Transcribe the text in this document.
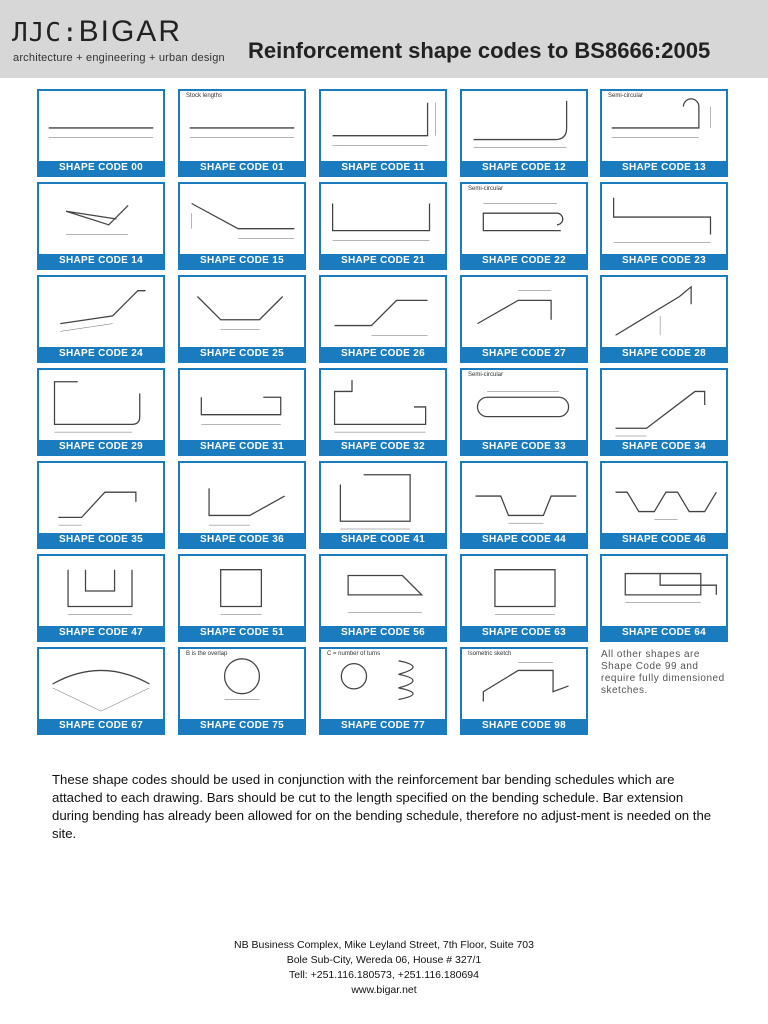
ЛJC:BIGAR
architecture + engineering + urban design Reinforcement shape codes to BS8666:2005
SHAPE CODE 00
Stock lengths
SHAPE CODE 01	SHAPE CODE 11	SHAPE CODE 12
Semi-circular
SHAPE CODE 13
SHAPE CODE 14	SHAPE CODE 15	SHAPE CODE 21
Semi-circular
SHAPE CODE 22	SHAPE CODE 23
SHAPE CODE 24	SHAPE CODE 25	SHAPE CODE 26	SHAPE CODE 27	SHAPE CODE 28
SHAPE CODE 29	SHAPE CODE 31	SHAPE CODE 32
Semi-circular
SHAPE CODE 33	SHAPE CODE 34
SHAPE CODE 35	SHAPE CODE 36	SHAPE CODE 41	SHAPE CODE 44	SHAPE CODE 46
SHAPE CODE 47	SHAPE CODE 51	SHAPE CODE 56	SHAPE CODE 63	SHAPE CODE 64
SHAPE CODE 67
B is the overlap
SHAPE CODE 75
C = number of turns
SHAPE CODE 77
Isometric sketch
SHAPE CODE 98
All other shapes are Shape Code 99 and require fully dimensioned sketches.
These shape codes should be used in conjunction with the reinforcement bar bending schedules which are attached to each drawing. Bars should be cut to the length specified on the bending schedule. Bar extension during bending has already been allowed for on the bending schedule, therefore no adjust-ment is needed on the site.
NB Business Complex, Mike Leyland Street, 7th Floor, Suite 703
Bole Sub-City, Wereda 06, House # 327/1
Tell: +251.116.180573, +251.116.180694
www.bigar.net
